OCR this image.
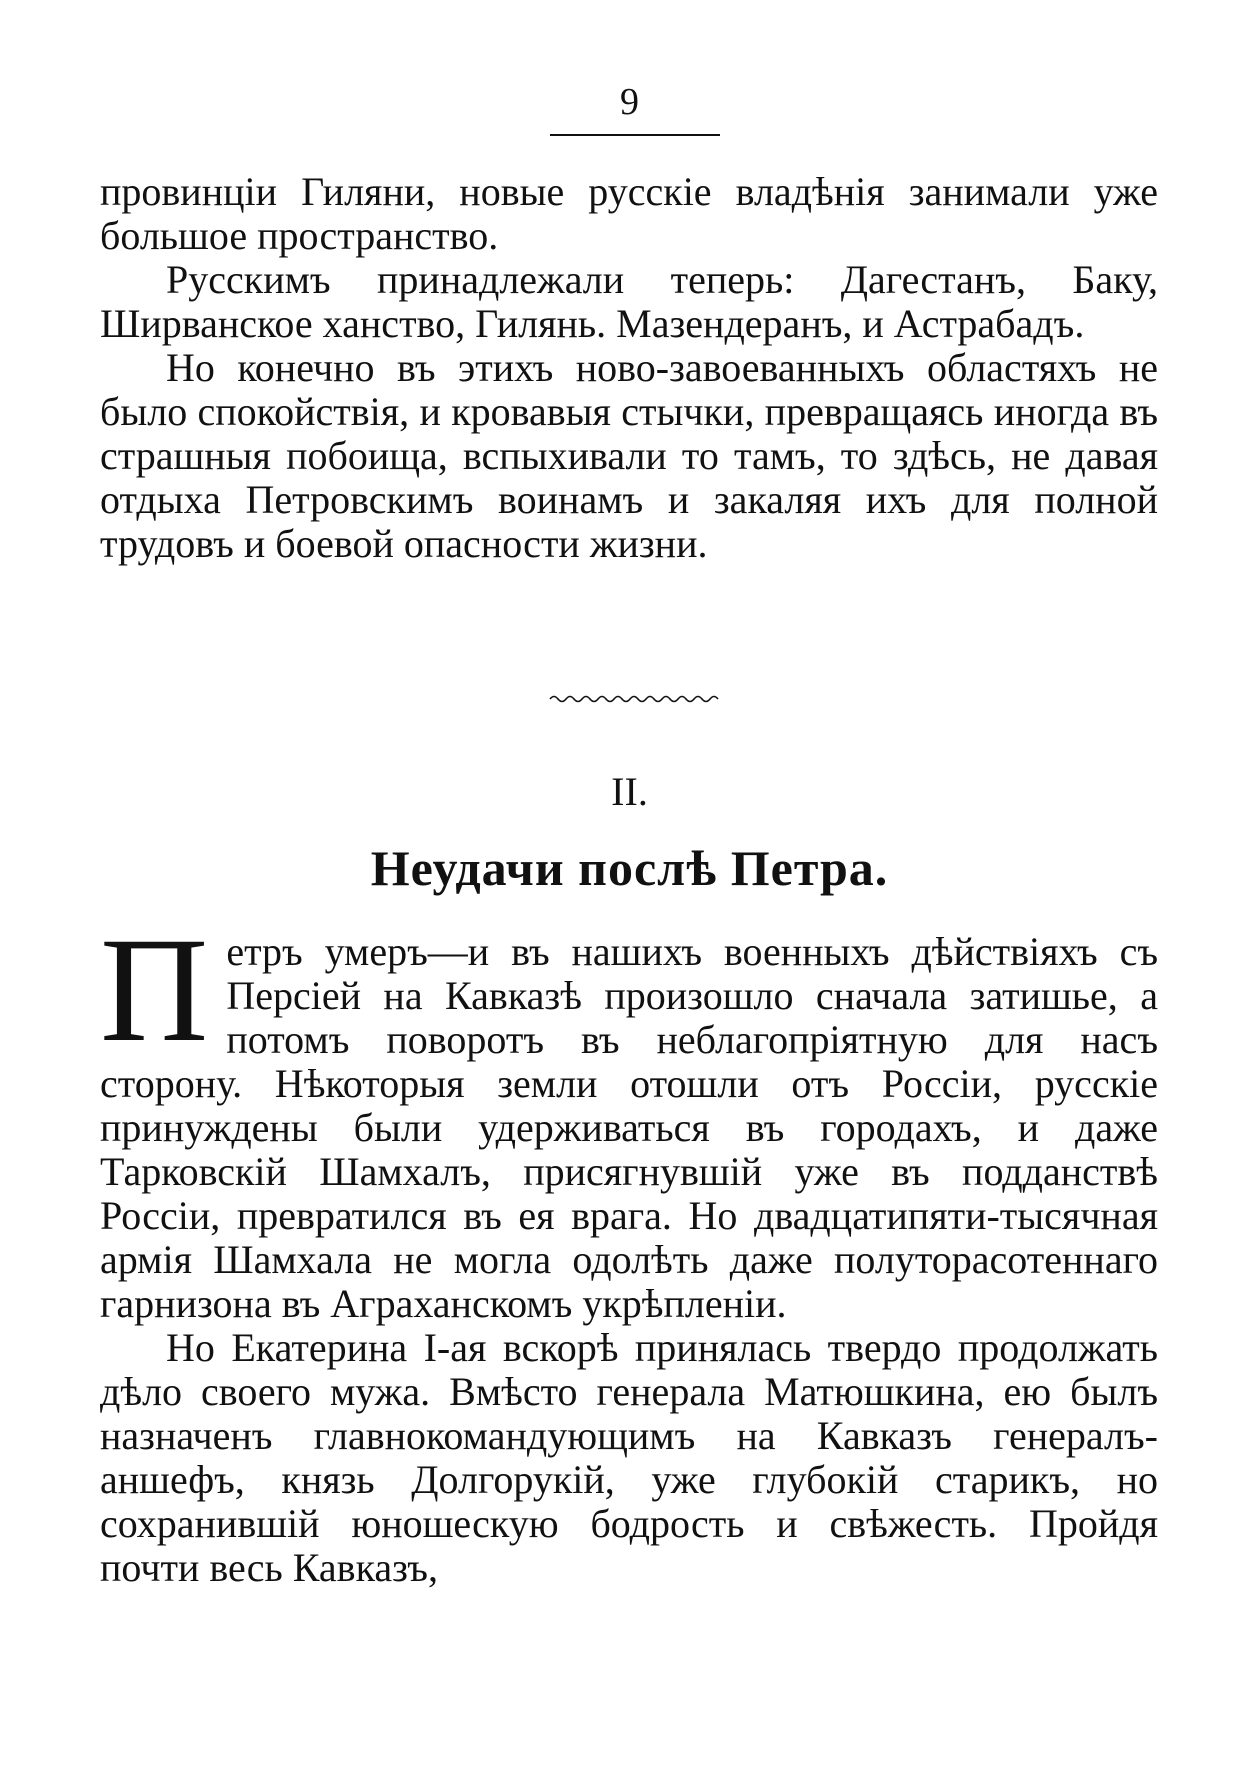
9

провинціи Гиляни, новые русскіе владѣнія занимали уже большое пространство.

Русскимъ принадлежали теперь: Дагестанъ, Баку, Ширванское ханство, Гилянь. Мазендеранъ, и Астрабадъ.

Но конечно въ этихъ ново-завоеванныхъ областяхъ не было спокойствія, и кровавыя стычки, превращаясь иногда въ страшныя побоища, вспыхивали то тамъ, то здѣсь, не давая отдыха Петровскимъ воинамъ и закаляя ихъ для полной трудовъ и боевой опасности жизни.

II.
Неудачи послѣ Петра.

Петръ умеръ—и въ нашихъ военныхъ дѣйствіяхъ съ Персіей на Кавказѣ произошло сначала затишье, а потомъ поворотъ въ неблагопріятную для насъ сторону. Нѣкоторыя земли отошли отъ Россіи, русскіе принуждены были удерживаться въ городахъ, и даже Тарковскій Шамхалъ, присягнувшій уже въ подданствѣ Россіи, превратился въ ея врага. Но двадцатипяти-тысячная армія Шамхала не могла одолѣть даже полуторасотеннаго гарнизона въ Аграханскомъ укрѣпленіи.

Но Екатерина І-ая вскорѣ принялась твердо продолжать дѣло своего мужа. Вмѣсто генерала Матюшкина, ею былъ назначенъ главнокомандующимъ на Кавказъ генералъ-аншефъ, князь Долгорукій, уже глубокій старикъ, но сохранившій юношескую бодрость и свѣжесть. Пройдя почти весь Кавказъ,
